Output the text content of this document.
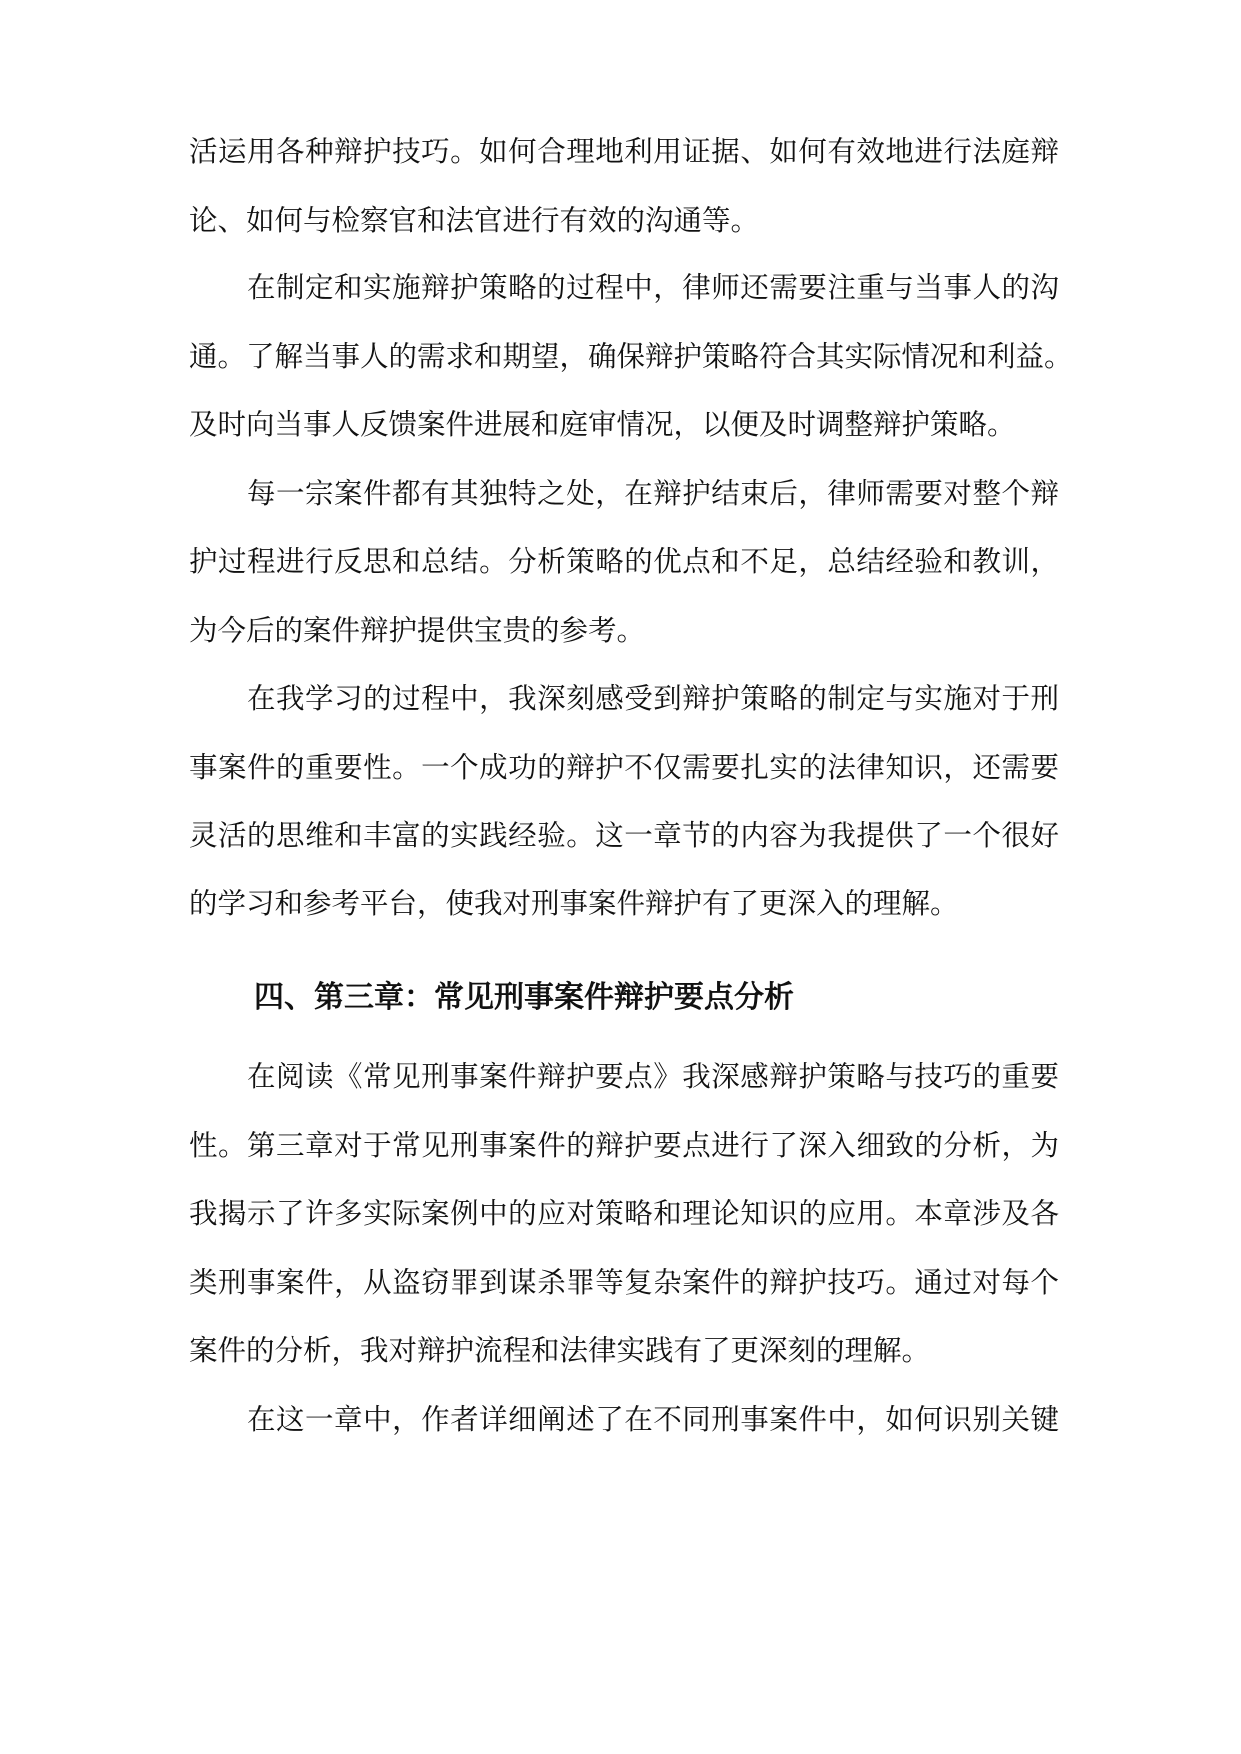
活运用各种辩护技巧。如何合理地利用证据、如何有效地进行法庭辩
论、如何与检察官和法官进行有效的沟通等。
在制定和实施辩护策略的过程中，律师还需要注重与当事人的沟
通。了解当事人的需求和期望，确保辩护策略符合其实际情况和利益。
及时向当事人反馈案件进展和庭审情况，以便及时调整辩护策略。
每一宗案件都有其独特之处，在辩护结束后，律师需要对整个辩
护过程进行反思和总结。分析策略的优点和不足，总结经验和教训，
为今后的案件辩护提供宝贵的参考。
在我学习的过程中，我深刻感受到辩护策略的制定与实施对于刑
事案件的重要性。一个成功的辩护不仅需要扎实的法律知识，还需要
灵活的思维和丰富的实践经验。这一章节的内容为我提供了一个很好
的学习和参考平台，使我对刑事案件辩护有了更深入的理解。
四、第三章：常见刑事案件辩护要点分析
在阅读《常见刑事案件辩护要点》我深感辩护策略与技巧的重要
性。第三章对于常见刑事案件的辩护要点进行了深入细致的分析，为
我揭示了许多实际案例中的应对策略和理论知识的应用。本章涉及各
类刑事案件，从盗窃罪到谋杀罪等复杂案件的辩护技巧。通过对每个
案件的分析，我对辩护流程和法律实践有了更深刻的理解。
在这一章中，作者详细阐述了在不同刑事案件中，如何识别关键
